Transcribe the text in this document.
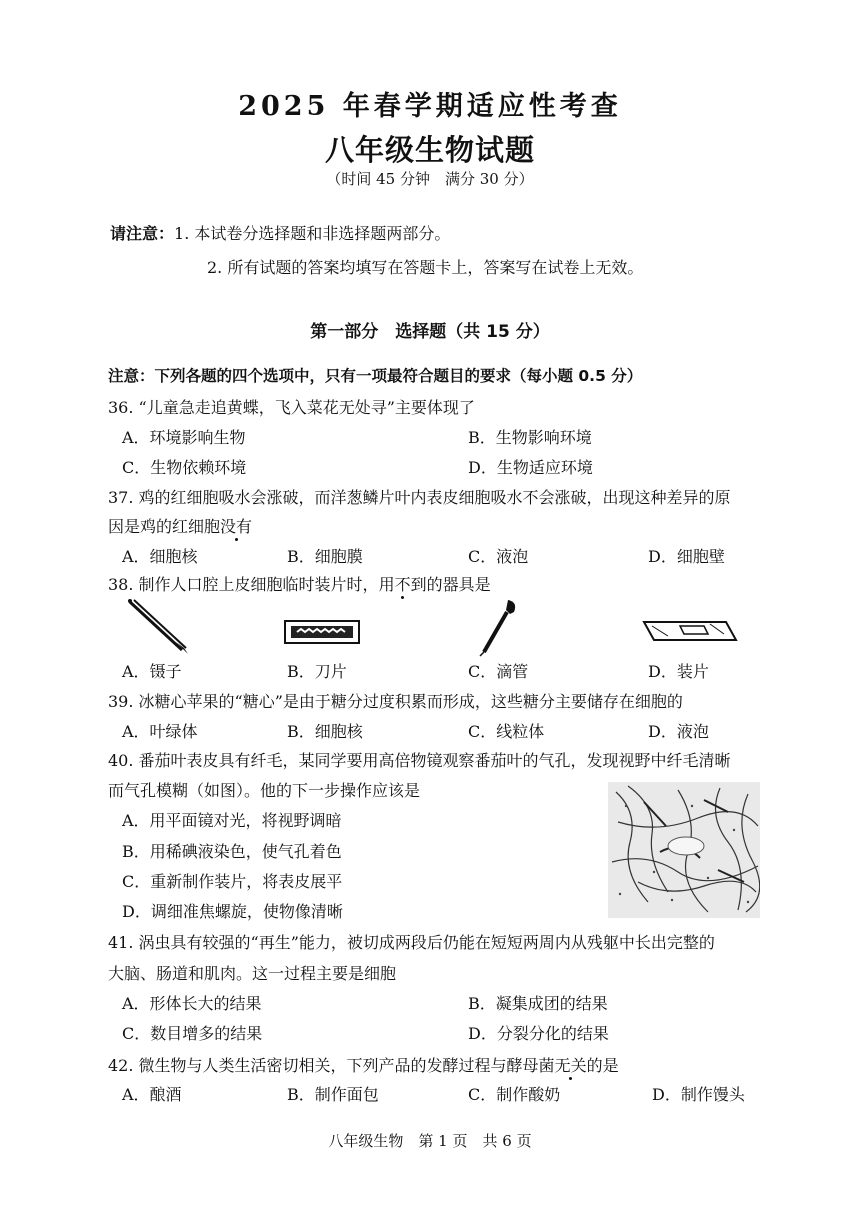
2025 年春学期适应性考查
八年级生物试题
（时间 45 分钟　满分 30 分）
请注意：1. 本试卷分选择题和非选择题两部分。
2. 所有试题的答案均填写在答题卡上，答案写在试卷上无效。
第一部分　选择题（共 15 分）
注意：下列各题的四个选项中，只有一项最符合题目的要求（每小题 0.5 分）
36. “儿童急走追黄蝶，飞入菜花无处寻”主要体现了
A．环境影响生物	B．生物影响环境
C．生物依赖环境	D．生物适应环境
37. 鸡的红细胞吸水会涨破，而洋葱鳞片叶内表皮细胞吸水不会涨破，出现这种差异的原
因是鸡的红细胞没有
A．细胞核	B．细胞膜	C．液泡	D．细胞壁
38. 制作人口腔上皮细胞临时装片时，用不到的器具是
A．镊子	B．刀片	C．滴管	D．装片
39. 冰糖心苹果的“糖心”是由于糖分过度积累而形成，这些糖分主要储存在细胞的
A．叶绿体	B．细胞核	C．线粒体	D．液泡
40. 番茄叶表皮具有纤毛，某同学要用高倍物镜观察番茄叶的气孔，发现视野中纤毛清晰
而气孔模糊（如图）。他的下一步操作应该是
A．用平面镜对光，将视野调暗
B．用稀碘液染色，使气孔着色
C．重新制作装片，将表皮展平
D．调细准焦螺旋，使物像清晰
41. 涡虫具有较强的“再生”能力，被切成两段后仍能在短短两周内从残躯中长出完整的
大脑、肠道和肌肉。这一过程主要是细胞
A．形体长大的结果	B．凝集成团的结果
C．数目增多的结果	D．分裂分化的结果
42. 微生物与人类生活密切相关，下列产品的发酵过程与酵母菌无关的是
A．酿酒	B．制作面包	C．制作酸奶	D．制作馒头
八年级生物　第 1 页　共 6 页
